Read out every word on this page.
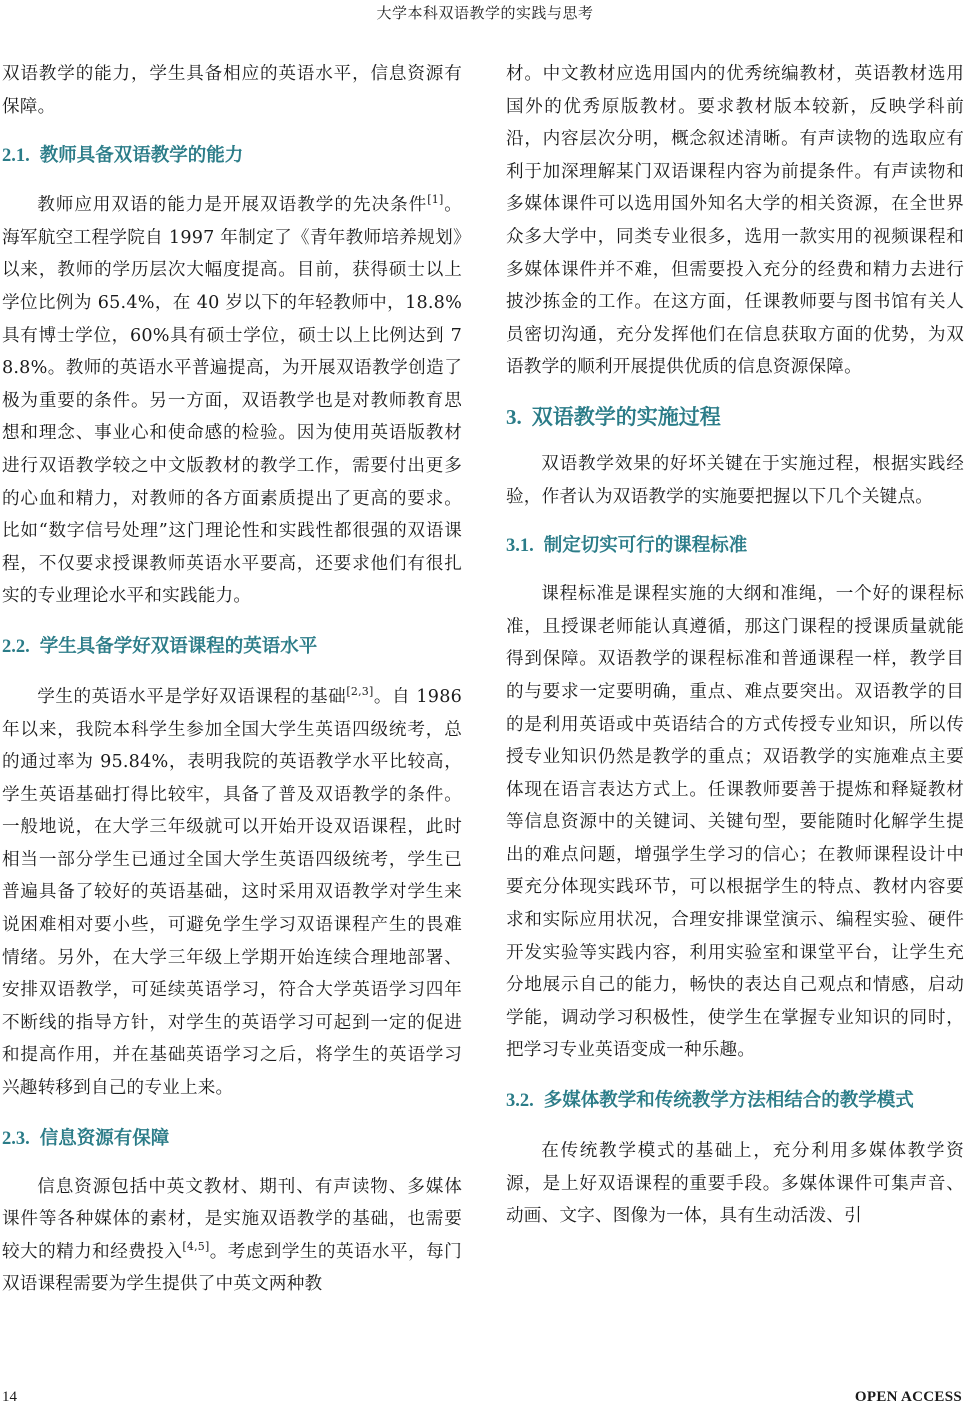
大学本科双语教学的实践与思考

双语教学的能力，学生具备相应的英语水平，信息资源有保障。

2.1. 教师具备双语教学的能力

教师应用双语的能力是开展双语教学的先决条件[1]。海军航空工程学院自 1997 年制定了《青年教师培养规划》以来，教师的学历层次大幅度提高。目前，获得硕士以上学位比例为 65.4%，在 40 岁以下的年轻教师中，18.8%具有博士学位，60%具有硕士学位，硕士以上比例达到 78.8%。教师的英语水平普遍提高，为开展双语教学创造了极为重要的条件。另一方面，双语教学也是对教师教育思想和理念、事业心和使命感的检验。因为使用英语版教材进行双语教学较之中文版教材的教学工作，需要付出更多的心血和精力，对教师的各方面素质提出了更高的要求。比如“数字信号处理”这门理论性和实践性都很强的双语课程，不仅要求授课教师英语水平要高，还要求他们有很扎实的专业理论水平和实践能力。

2.2. 学生具备学好双语课程的英语水平

学生的英语水平是学好双语课程的基础[2,3]。自 1986 年以来，我院本科学生参加全国大学生英语四级统考，总的通过率为 95.84%，表明我院的英语教学水平比较高，学生英语基础打得比较牢，具备了普及双语教学的条件。一般地说，在大学三年级就可以开始开设双语课程，此时相当一部分学生已通过全国大学生英语四级统考，学生已普遍具备了较好的英语基础，这时采用双语教学对学生来说困难相对要小些，可避免学生学习双语课程产生的畏难情绪。另外，在大学三年级上学期开始连续合理地部署、安排双语教学，可延续英语学习，符合大学英语学习四年不断线的指导方针，对学生的英语学习可起到一定的促进和提高作用，并在基础英语学习之后，将学生的英语学习兴趣转移到自己的专业上来。

2.3. 信息资源有保障

信息资源包括中英文教材、期刊、有声读物、多媒体课件等各种媒体的素材，是实施双语教学的基础，也需要较大的精力和经费投入[4,5]。考虑到学生的英语水平，每门双语课程需要为学生提供了中英文两种教

材。中文教材应选用国内的优秀统编教材，英语教材选用国外的优秀原版教材。要求教材版本较新，反映学科前沿，内容层次分明，概念叙述清晰。有声读物的选取应有利于加深理解某门双语课程内容为前提条件。有声读物和多媒体课件可以选用国外知名大学的相关资源，在全世界众多大学中，同类专业很多，选用一款实用的视频课程和多媒体课件并不难，但需要投入充分的经费和精力去进行披沙拣金的工作。在这方面，任课教师要与图书馆有关人员密切沟通，充分发挥他们在信息获取方面的优势，为双语教学的顺利开展提供优质的信息资源保障。

3. 双语教学的实施过程

双语教学效果的好坏关键在于实施过程，根据实践经验，作者认为双语教学的实施要把握以下几个关键点。

3.1. 制定切实可行的课程标准

课程标准是课程实施的大纲和准绳，一个好的课程标准，且授课老师能认真遵循，那这门课程的授课质量就能得到保障。双语教学的课程标准和普通课程一样，教学目的与要求一定要明确，重点、难点要突出。双语教学的目的是利用英语或中英语结合的方式传授专业知识，所以传授专业知识仍然是教学的重点；双语教学的实施难点主要体现在语言表达方式上。任课教师要善于提炼和释疑教材等信息资源中的关键词、关键句型，要能随时化解学生提出的难点问题，增强学生学习的信心；在教师课程设计中要充分体现实践环节，可以根据学生的特点、教材内容要求和实际应用状况，合理安排课堂演示、编程实验、硬件开发实验等实践内容，利用实验室和课堂平台，让学生充分地展示自己的能力，畅快的表达自己观点和情感，启动学能，调动学习积极性，使学生在掌握专业知识的同时，把学习专业英语变成一种乐趣。

3.2. 多媒体教学和传统教学方法相结合的教学模式

在传统教学模式的基础上，充分利用多媒体教学资源，是上好双语课程的重要手段。多媒体课件可集声音、动画、文字、图像为一体，具有生动活泼、引

14	OPEN ACCESS
